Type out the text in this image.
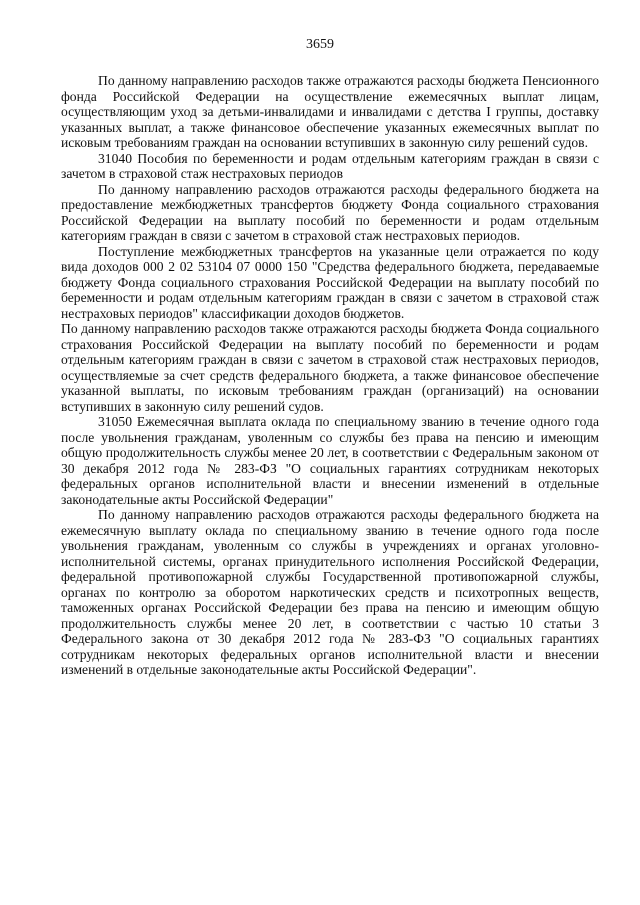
3659

По данному направлению расходов также отражаются расходы бюджета Пенсионного фонда Российской Федерации на осуществление ежемесячных выплат лицам, осуществляющим уход за детьми-инвалидами и инвалидами с детства I группы, доставку указанных выплат, а также финансовое обеспечение указанных ежемесячных выплат по исковым требованиям граждан на основании вступивших в законную силу решений судов.

31040 Пособия по беременности и родам отдельным категориям граждан в связи с зачетом в страховой стаж нестраховых периодов

По данному направлению расходов отражаются расходы федерального бюджета на предоставление межбюджетных трансфертов бюджету Фонда социального страхования Российской Федерации на выплату пособий по беременности и родам отдельным категориям граждан в связи с зачетом в страховой стаж нестраховых периодов.

Поступление межбюджетных трансфертов на указанные цели отражается по коду вида доходов 000 2 02 53104 07 0000 150 "Средства федерального бюджета, передаваемые бюджету Фонда социального страхования Российской Федерации на выплату пособий по беременности и родам отдельным категориям граждан в связи с зачетом в страховой стаж нестраховых периодов" классификации доходов бюджетов.

По данному направлению расходов также отражаются расходы бюджета Фонда социального страхования Российской Федерации на выплату пособий по беременности и родам отдельным категориям граждан в связи с зачетом в страховой стаж нестраховых периодов, осуществляемые за счет средств федерального бюджета, а также финансовое обеспечение указанной выплаты, по исковым требованиям граждан (организаций) на основании вступивших в законную силу решений судов.

31050 Ежемесячная выплата оклада по специальному званию в течение одного года после увольнения гражданам, уволенным со службы без права на пенсию и имеющим общую продолжительность службы менее 20 лет, в соответствии с Федеральным законом от 30 декабря 2012 года № 283-ФЗ "О социальных гарантиях сотрудникам некоторых федеральных органов исполнительной власти и внесении изменений в отдельные законодательные акты Российской Федерации"

По данному направлению расходов отражаются расходы федерального бюджета на ежемесячную выплату оклада по специальному званию в течение одного года после увольнения гражданам, уволенным со службы в учреждениях и органах уголовно-исполнительной системы, органах принудительного исполнения Российской Федерации, федеральной противопожарной службы Государственной противопожарной службы, органах по контролю за оборотом наркотических средств и психотропных веществ, таможенных органах Российской Федерации без права на пенсию и имеющим общую продолжительность службы менее 20 лет, в соответствии с частью 10 статьи 3 Федерального закона от 30 декабря 2012 года № 283-ФЗ "О социальных гарантиях сотрудникам некоторых федеральных органов исполнительной власти и внесении изменений в отдельные законодательные акты Российской Федерации".
